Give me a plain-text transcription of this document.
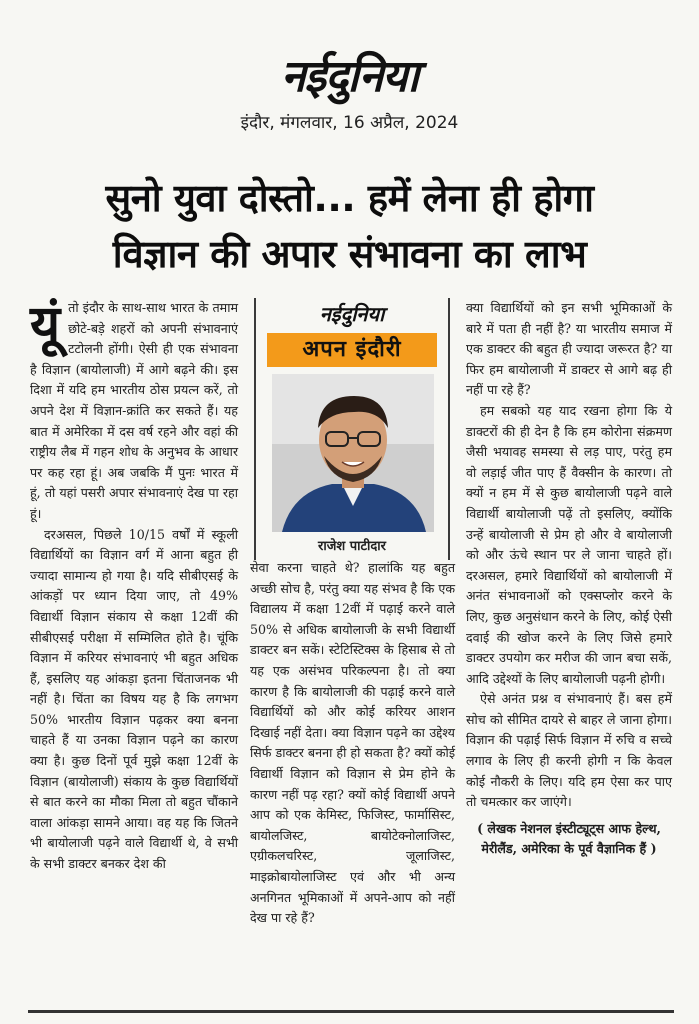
नईदुनिया
इंदौर, मंगलवार, 16 अप्रैल, 2024
सुनो युवा दोस्तो... हमें लेना ही होगा
विज्ञान की अपार संभावना का लाभ

यूं तो इंदौर के साथ-साथ भारत के तमाम छोटे-बड़े शहरों को अपनी संभावनाएं टटोलनी होंगी। ऐसी ही एक संभावना है विज्ञान (बायोलाजी) में आगे बढ़ने की। इस दिशा में यदि हम भारतीय ठोस प्रयत्न करें, तो अपने देश में विज्ञान-क्रांति कर सकते हैं। यह बात में अमेरिका में दस वर्ष रहने और वहां की राष्ट्रीय लैब में गहन शोध के अनुभव के आधार पर कह रहा हूं। अब जबकि मैं पुनः भारत में हूं, तो यहां पसरी अपार संभावनाएं देख पा रहा हूं।

दरअसल, पिछले 10/15 वर्षों में स्कूली विद्यार्थियों का विज्ञान वर्ग में आना बहुत ही ज्यादा सामान्य हो गया है। यदि सीबीएसई के आंकड़ों पर ध्यान दिया जाए, तो 49% विद्यार्थी विज्ञान संकाय से कक्षा 12वीं की सीबीएसई परीक्षा में सम्मिलित होते है। चूंकि विज्ञान में करियर संभावनाएं भी बहुत अधिक हैं, इसलिए यह आंकड़ा इतना चिंताजनक भी नहीं है। चिंता का विषय यह है कि लगभग 50% भारतीय विज्ञान पढ़कर क्या बनना चाहते हैं या उनका विज्ञान पढ़ने का कारण क्या है। कुछ दिनों पूर्व मुझे कक्षा 12वीं के विज्ञान (बायोलाजी) संकाय के कुछ विद्यार्थियों से बात करने का मौका मिला तो बहुत चौंकाने वाला आंकड़ा सामने आया। वह यह कि जितने भी बायोलाजी पढ़ने वाले विद्यार्थी थे, वे सभी के सभी डाक्टर बनकर देश की

नईदुनिया
अपन इंदौरी
राजेश पाटीदार

सेवा करना चाहते थे? हालांकि यह बहुत अच्छी सोच है, परंतु क्या यह संभव है कि एक विद्यालय में कक्षा 12वीं में पढ़ाई करने वाले 50% से अधिक बायोलाजी के सभी विद्यार्थी डाक्टर बन सकें। स्टेटिस्टिक्स के हिसाब से तो यह एक असंभव परिकल्पना है। तो क्या कारण है कि बायोलाजी की पढ़ाई करने वाले विद्यार्थियों को और कोई करियर आशन दिखाई नहीं देता। क्या विज्ञान पढ़ने का उद्देश्य सिर्फ डाक्टर बनना ही हो सकता है? क्यों कोई विद्यार्थी विज्ञान को विज्ञान से प्रेम होने के कारण नहीं पढ़ रहा? क्यों कोई विद्यार्थी अपने आप को एक केमिस्ट, फिजिस्ट, फार्मासिस्ट, बायोलजिस्ट, बायोटेक्नोलाजिस्ट, एग्रीकलचरिस्ट, जूलाजिस्ट, माइक्रोबायोलाजिस्ट एवं और भी अन्य अनगिनत भूमिकाओं में अपने-आप को नहीं देख पा रहे हैं?

क्या विद्यार्थियों को इन सभी भूमिकाओं के बारे में पता ही नहीं है? या भारतीय समाज में एक डाक्टर की बहुत ही ज्यादा जरूरत है? या फिर हम बायोलाजी में डाक्टर से आगे बढ़ ही नहीं पा रहे हैं?

हम सबको यह याद रखना होगा कि ये डाक्टरों की ही देन है कि हम कोरोना संक्रमण जैसी भयावह समस्या से लड़ पाए, परंतु हम वो लड़ाई जीत पाए हैं वैक्सीन के कारण। तो क्यों न हम में से कुछ बायोलाजी पढ़ने वाले विद्यार्थी बायोलाजी पढ़ें तो इसलिए, क्योंकि उन्हें बायोलाजी से प्रेम हो और वे बायोलाजी को और ऊंचे स्थान पर ले जाना चाहते हों। दरअसल, हमारे विद्यार्थियों को बायोलाजी में अनंत संभावनाओं को एक्सप्लोर करने के लिए, कुछ अनुसंधान करने के लिए, कोई ऐसी दवाई की खोज करने के लिए जिसे हमारे डाक्टर उपयोग कर मरीज की जान बचा सकें, आदि उद्देश्यों के लिए बायोलाजी पढ़नी होगी।

ऐसे अनंत प्रश्न व संभावनाएं हैं। बस हमें सोच को सीमित दायरे से बाहर ले जाना होगा। विज्ञान की पढ़ाई सिर्फ विज्ञान में रुचि व सच्चे लगाव के लिए ही करनी होगी न कि केवल कोई नौकरी के लिए। यदि हम ऐसा कर पाए तो चमत्कार कर जाएंगे।

( लेखक नेशनल इंस्टीट्यूट्स आफ हेल्थ, मेरीलैंड, अमेरिका के पूर्व वैज्ञानिक हैं )
